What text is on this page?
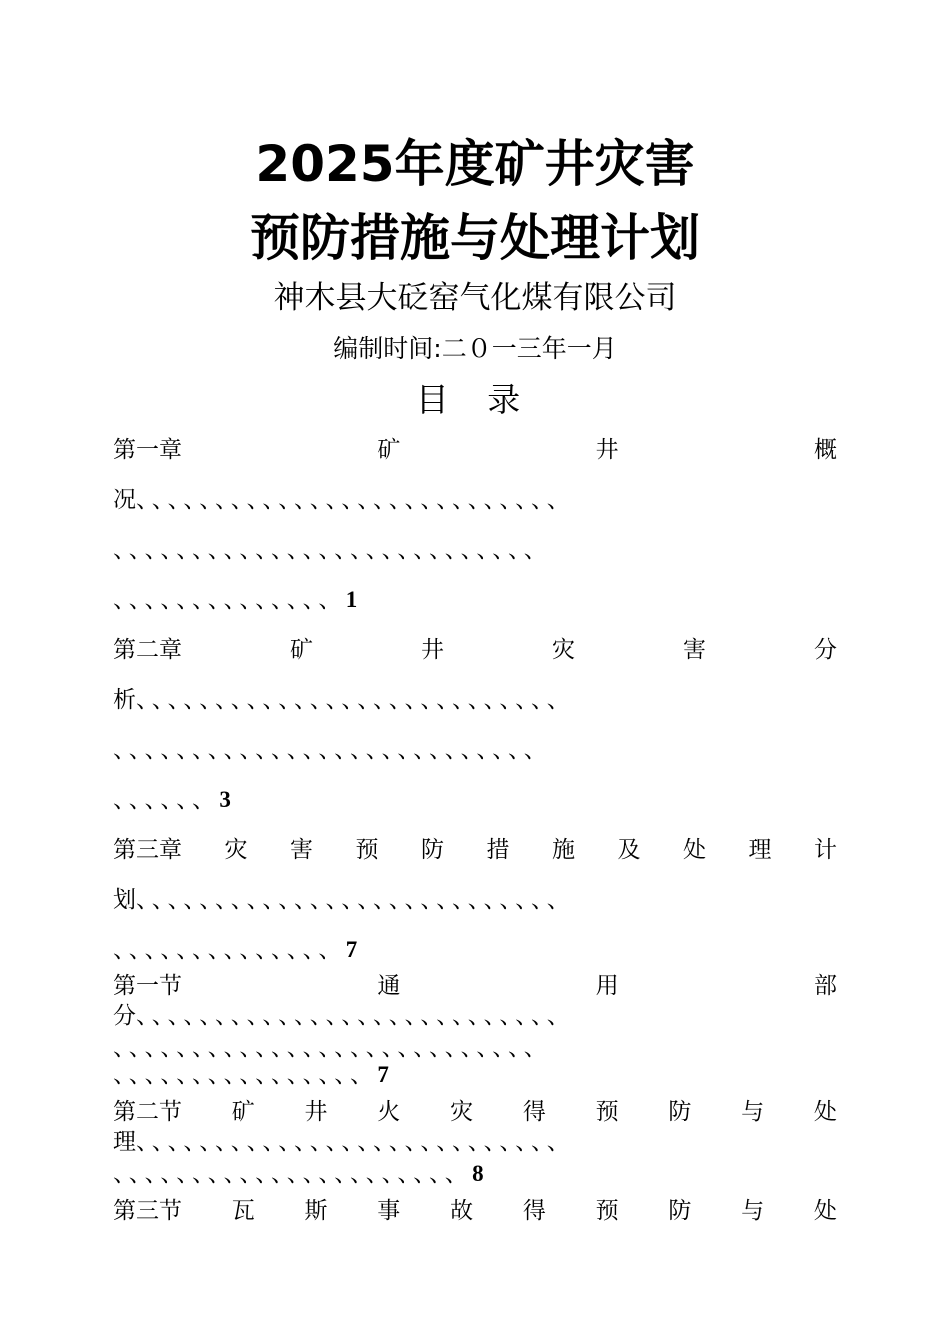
2025年度矿井灾害
预防措施与处理计划
神木县大砭窑气化煤有限公司
编制时间:二０一三年一月
目 录
第一章	矿	井	概
况、、、、、、、、、、、、、、、、、、、、、、、、、、、
、、、、、、、、、、、、、、、、、、、、、、、、、、、
、、、、、、、、、、、、、、1
第二章	矿	井	灾	害	分
析、、、、、、、、、、、、、、、、、、、、、、、、、、、
、、、、、、、、、、、、、、、、、、、、、、、、、、、
、、、、、、3
第三章 灾 害 预 防 措 施 及 处 理 计
划、、、、、、、、、、、、、、、、、、、、、、、、、、、
、、、、、、、、、、、、、、7
第一节	通	用	部
分、、、、、、、、、、、、、、、、、、、、、、、、、、、
、、、、、、、、、、、、、、、、、、、、、、、、、、、
、、、、、、、、、、、、、、、、7
第二节 矿 井 火 灾 得 预 防 与 处
理、、、、、、、、、、、、、、、、、、、、、、、、、、、
、、、、、、、、、、、、、、、、、、、、、、8
第三节 瓦 斯 事 故 得 预 防 与 处
